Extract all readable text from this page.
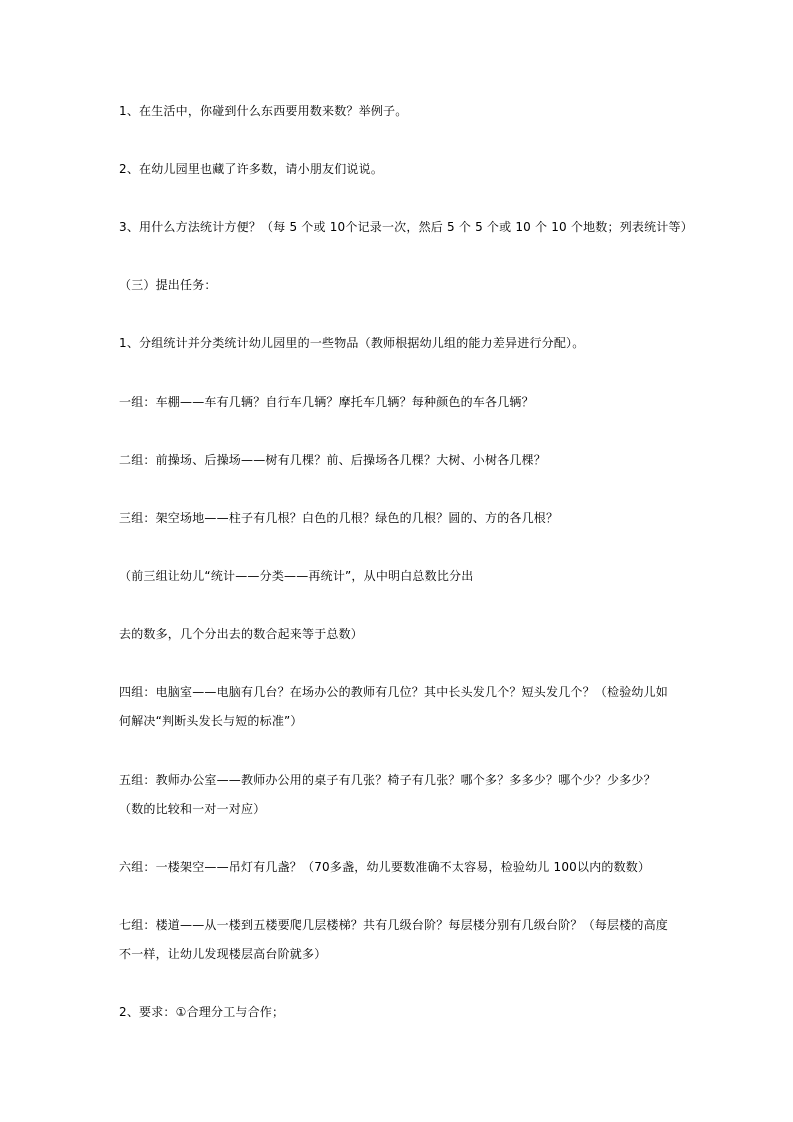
1、在生活中，你碰到什么东西要用数来数？举例子。

2、在幼儿园里也藏了许多数，请小朋友们说说。

3、用什么方法统计方便？（每 5 个或 10个记录一次，然后 5 个 5 个或 10 个 10 个地数；列表统计等）

（三）提出任务：

1、分组统计并分类统计幼儿园里的一些物品（教师根据幼儿组的能力差异进行分配）。

一组：车棚——车有几辆？自行车几辆？摩托车几辆？每种颜色的车各几辆？

二组：前操场、后操场——树有几棵？前、后操场各几棵？大树、小树各几棵？

三组：架空场地——柱子有几根？白色的几根？绿色的几根？圆的、方的各几根？

（前三组让幼儿“统计——分类——再统计”，从中明白总数比分出

去的数多，几个分出去的数合起来等于总数）

四组：电脑室——电脑有几台？在场办公的教师有几位？其中长头发几个？短头发几个？（检验幼儿如何解决“判断头发长与短的标准”）

五组：教师办公室——教师办公用的桌子有几张？椅子有几张？哪个多？多多少？哪个少？少多少？（数的比较和一对一对应）

六组：一楼架空——吊灯有几盏？（70多盏，幼儿要数准确不太容易，检验幼儿 100以内的数数）

七组：楼道——从一楼到五楼要爬几层楼梯？共有几级台阶？每层楼分别有几级台阶？（每层楼的高度不一样，让幼儿发现楼层高台阶就多）

2、要求：①合理分工与合作；
